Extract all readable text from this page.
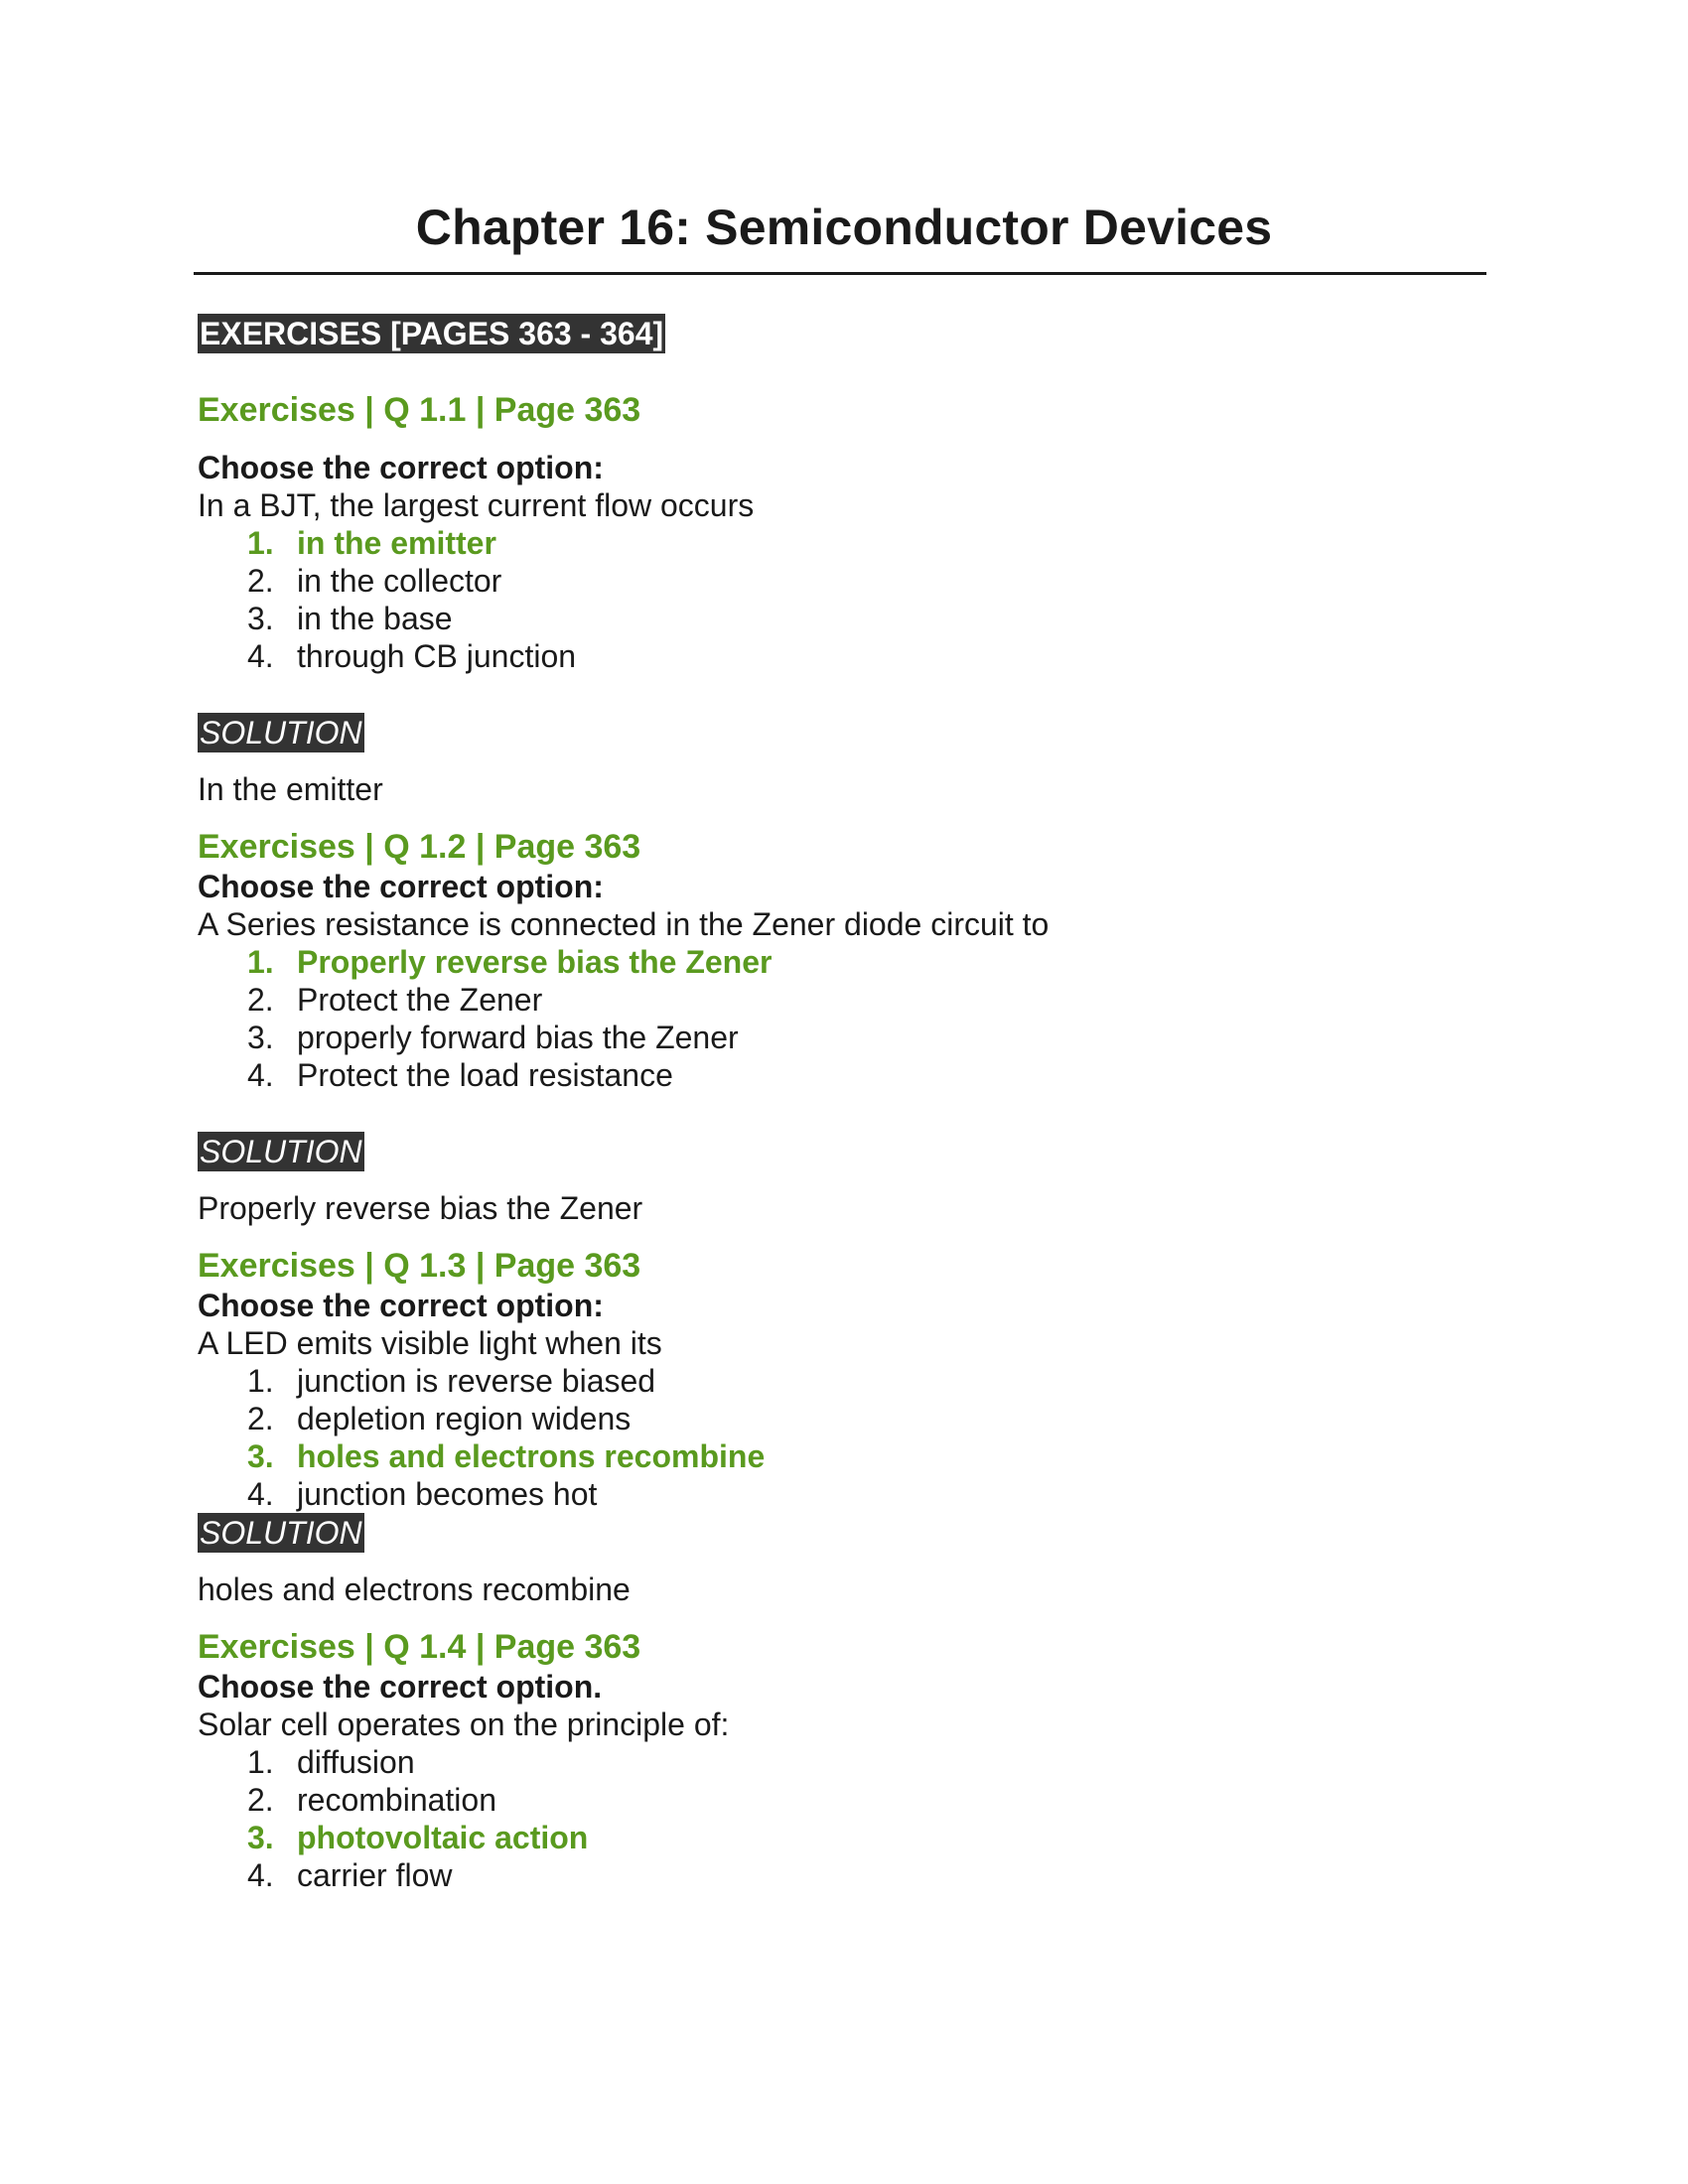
Chapter 16: Semiconductor Devices
EXERCISES [PAGES 363 - 364]
Exercises | Q 1.1 | Page 363
Choose the correct option:
In a BJT, the largest current flow occurs
1. in the emitter
2. in the collector
3. in the base
4. through CB junction
SOLUTION
In the emitter
Exercises | Q 1.2 | Page 363
Choose the correct option:
A Series resistance is connected in the Zener diode circuit to
1. Properly reverse bias the Zener
2. Protect the Zener
3. properly forward bias the Zener
4. Protect the load resistance
SOLUTION
Properly reverse bias the Zener
Exercises | Q 1.3 | Page 363
Choose the correct option:
A LED emits visible light when its
1. junction is reverse biased
2. depletion region widens
3. holes and electrons recombine
4. junction becomes hot
SOLUTION
holes and electrons recombine
Exercises | Q 1.4 | Page 363
Choose the correct option.
Solar cell operates on the principle of:
1. diffusion
2. recombination
3. photovoltaic action
4. carrier flow
